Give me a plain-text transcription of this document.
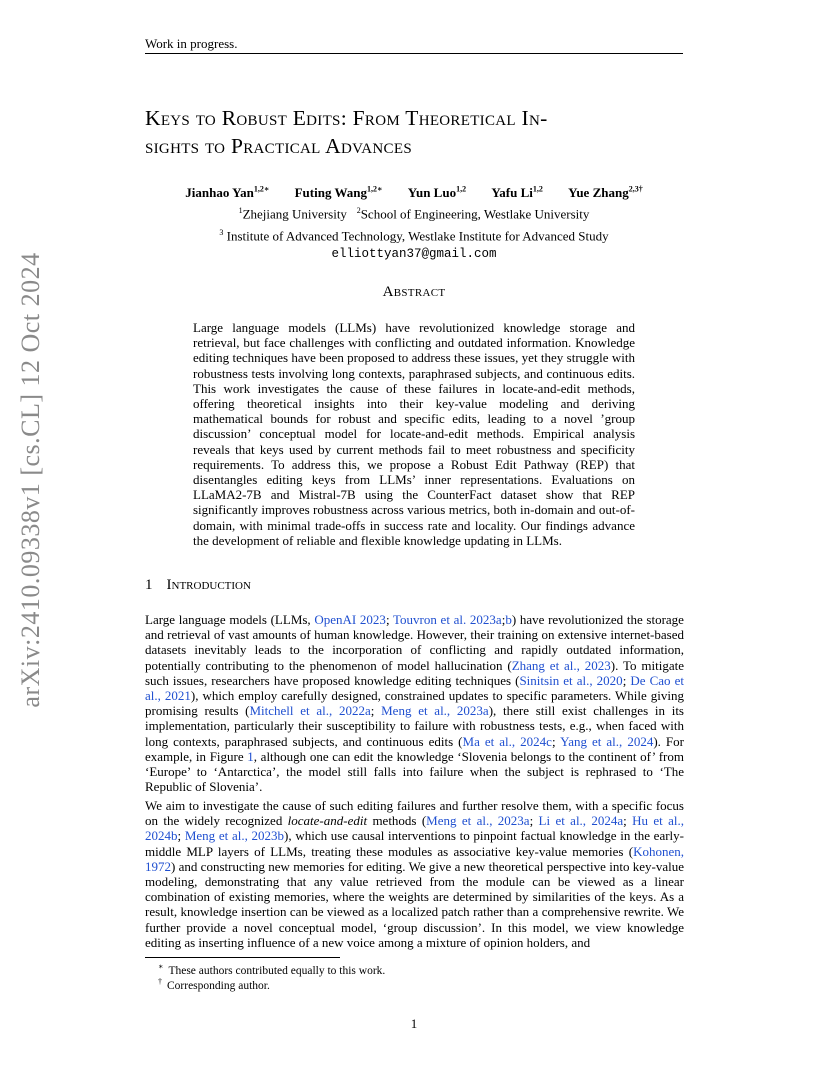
Work in progress.
arXiv:2410.09338v1 [cs.CL] 12 Oct 2024
Keys to Robust Edits: From Theoretical In-
sights to Practical Advances
Jianhao Yan$^{1,2∗}$ Futing Wang$^{1,2∗}$ Yun Luo$^{1,2}$ Yafu Li$^{1,2}$ Yue Zhang$^{2,3\dagger}$
$^1$Zhejiang University $^2$School of Engineering, Westlake University
$^3$ Institute of Advanced Technology, Westlake Institute for Advanced Study
elliottyan37@gmail.com
Abstract
Large language models (LLMs) have revolutionized knowledge storage and retrieval, but face challenges with conflicting and outdated information. Knowledge editing techniques have been proposed to address these issues, yet they struggle with robustness tests involving long contexts, paraphrased subjects, and continuous edits. This work investigates the cause of these failures in locate-and-edit methods, offering theoretical insights into their key-value modeling and deriving mathematical bounds for robust and specific edits, leading to a novel ’group discussion’ conceptual model for locate-and-edit methods. Empirical analysis reveals that keys used by current methods fail to meet robustness and specificity requirements. To address this, we propose a Robust Edit Pathway (REP) that disentangles editing keys from LLMs’ inner representations. Evaluations on LLaMA2-7B and Mistral-7B using the CounterFact dataset show that REP significantly improves robustness across various metrics, both in-domain and out-of-domain, with minimal trade-offs in success rate and locality. Our findings advance the development of reliable and flexible knowledge updating in LLMs.
1 Introduction
Large language models (LLMs, OpenAI 2023; Touvron et al. 2023a;b) have revolutionized the storage and retrieval of vast amounts of human knowledge. However, their training on extensive internet-based datasets inevitably leads to the incorporation of conflicting and rapidly outdated information, potentially contributing to the phenomenon of model hallucination (Zhang et al., 2023). To mitigate such issues, researchers have proposed knowledge editing techniques (Sinitsin et al., 2020; De Cao et al., 2021), which employ carefully designed, constrained updates to specific parameters. While giving promising results (Mitchell et al., 2022a; Meng et al., 2023a), there still exist challenges in its implementation, particularly their susceptibility to failure with robustness tests, e.g., when faced with long contexts, paraphrased subjects, and continuous edits (Ma et al., 2024c; Yang et al., 2024). For example, in Figure 1, although one can edit the knowledge ‘Slovenia belongs to the continent of’ from ‘Europe’ to ‘Antarctica’, the model still falls into failure when the subject is rephrased to ‘The Republic of Slovenia’.
We aim to investigate the cause of such editing failures and further resolve them, with a specific focus on the widely recognized locate-and-edit methods (Meng et al., 2023a; Li et al., 2024a; Hu et al., 2024b; Meng et al., 2023b), which use causal interventions to pinpoint factual knowledge in the early-middle MLP layers of LLMs, treating these modules as associative key-value memories (Kohonen, 1972) and constructing new memories for editing. We give a new theoretical perspective into key-value modeling, demonstrating that any value retrieved from the module can be viewed as a linear combination of existing memories, where the weights are determined by similarities of the keys. As a result, knowledge insertion can be viewed as a localized patch rather than a comprehensive rewrite. We further provide a novel conceptual model, ‘group discussion’. In this model, we view knowledge editing as inserting influence of a new voice among a mixture of opinion holders, and
∗ These authors contributed equally to this work.
† Corresponding author.
1
